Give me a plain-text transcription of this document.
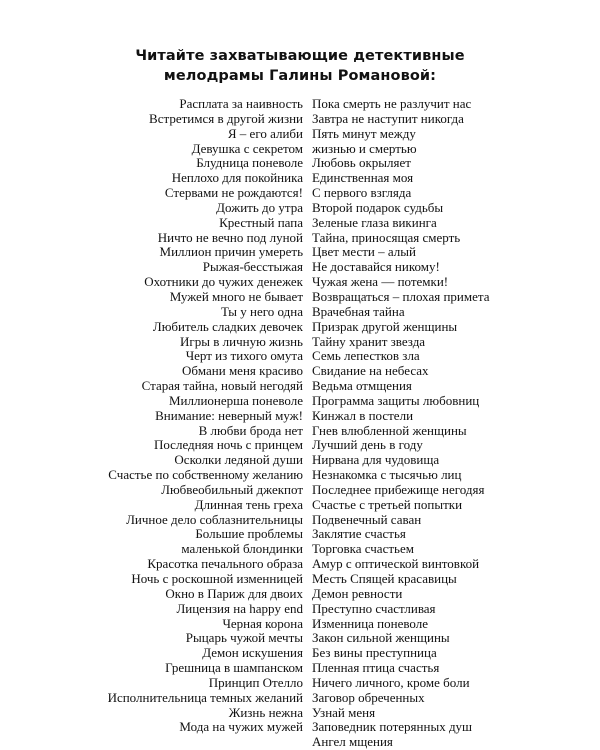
Читайте захватывающие детективные
мелодрамы Галины Романовой:
Расплата за наивность
Встретимся в другой жизни
Я – его алиби
Девушка с секретом
Блудница поневоле
Неплохо для покойника
Стервами не рождаются!
Дожить до утра
Крестный папа
Ничто не вечно под луной
Миллион причин умереть
Рыжая-бесстыжая
Охотники до чужих денежек
Мужей много не бывает
Ты у него одна
Любитель сладких девочек
Игры в личную жизнь
Черт из тихого омута
Обмани меня красиво
Старая тайна, новый негодяй
Миллионерша поневоле
Внимание: неверный муж!
В любви брода нет
Последняя ночь с принцем
Осколки ледяной души
Счастье по собственному желанию
Любвеобильный джекпот
Длинная тень греха
Личное дело соблазнительницы
Большие проблемы
маленькой блондинки
Красотка печального образа
Ночь с роскошной изменницей
Окно в Париж для двоих
Лицензия на happy end
Черная корона
Рыцарь чужой мечты
Демон искушения
Грешница в шампанском
Принцип Отелло
Исполнительница темных желаний
Жизнь нежна
Мода на чужих мужей
Пока смерть не разлучит нас
Завтра не наступит никогда
Пять минут между
жизнью и смертью
Любовь окрыляет
Единственная моя
С первого взгляда
Второй подарок судьбы
Зеленые глаза викинга
Тайна, приносящая смерть
Цвет мести – алый
Не доставайся никому!
Чужая жена — потемки!
Возвращаться – плохая примета
Врачебная тайна
Призрак другой женщины
Тайну хранит звезда
Семь лепестков зла
Свидание на небесах
Ведьма отмщения
Программа защиты любовниц
Кинжал в постели
Гнев влюбленной женщины
Лучший день в году
Нирвана для чудовища
Незнакомка с тысячью лиц
Последнее прибежище негодяя
Счастье с третьей попытки
Подвенечный саван
Заклятие счастья
Торговка счастьем
Амур с оптической винтовкой
Месть Спящей красавицы
Демон ревности
Преступно счастливая
Изменница поневоле
Закон сильной женщины
Без вины преступница
Пленная птица счастья
Ничего личного, кроме боли
Заговор обреченных
Узнай меня
Заповедник потерянных душ
Ангел мщения
